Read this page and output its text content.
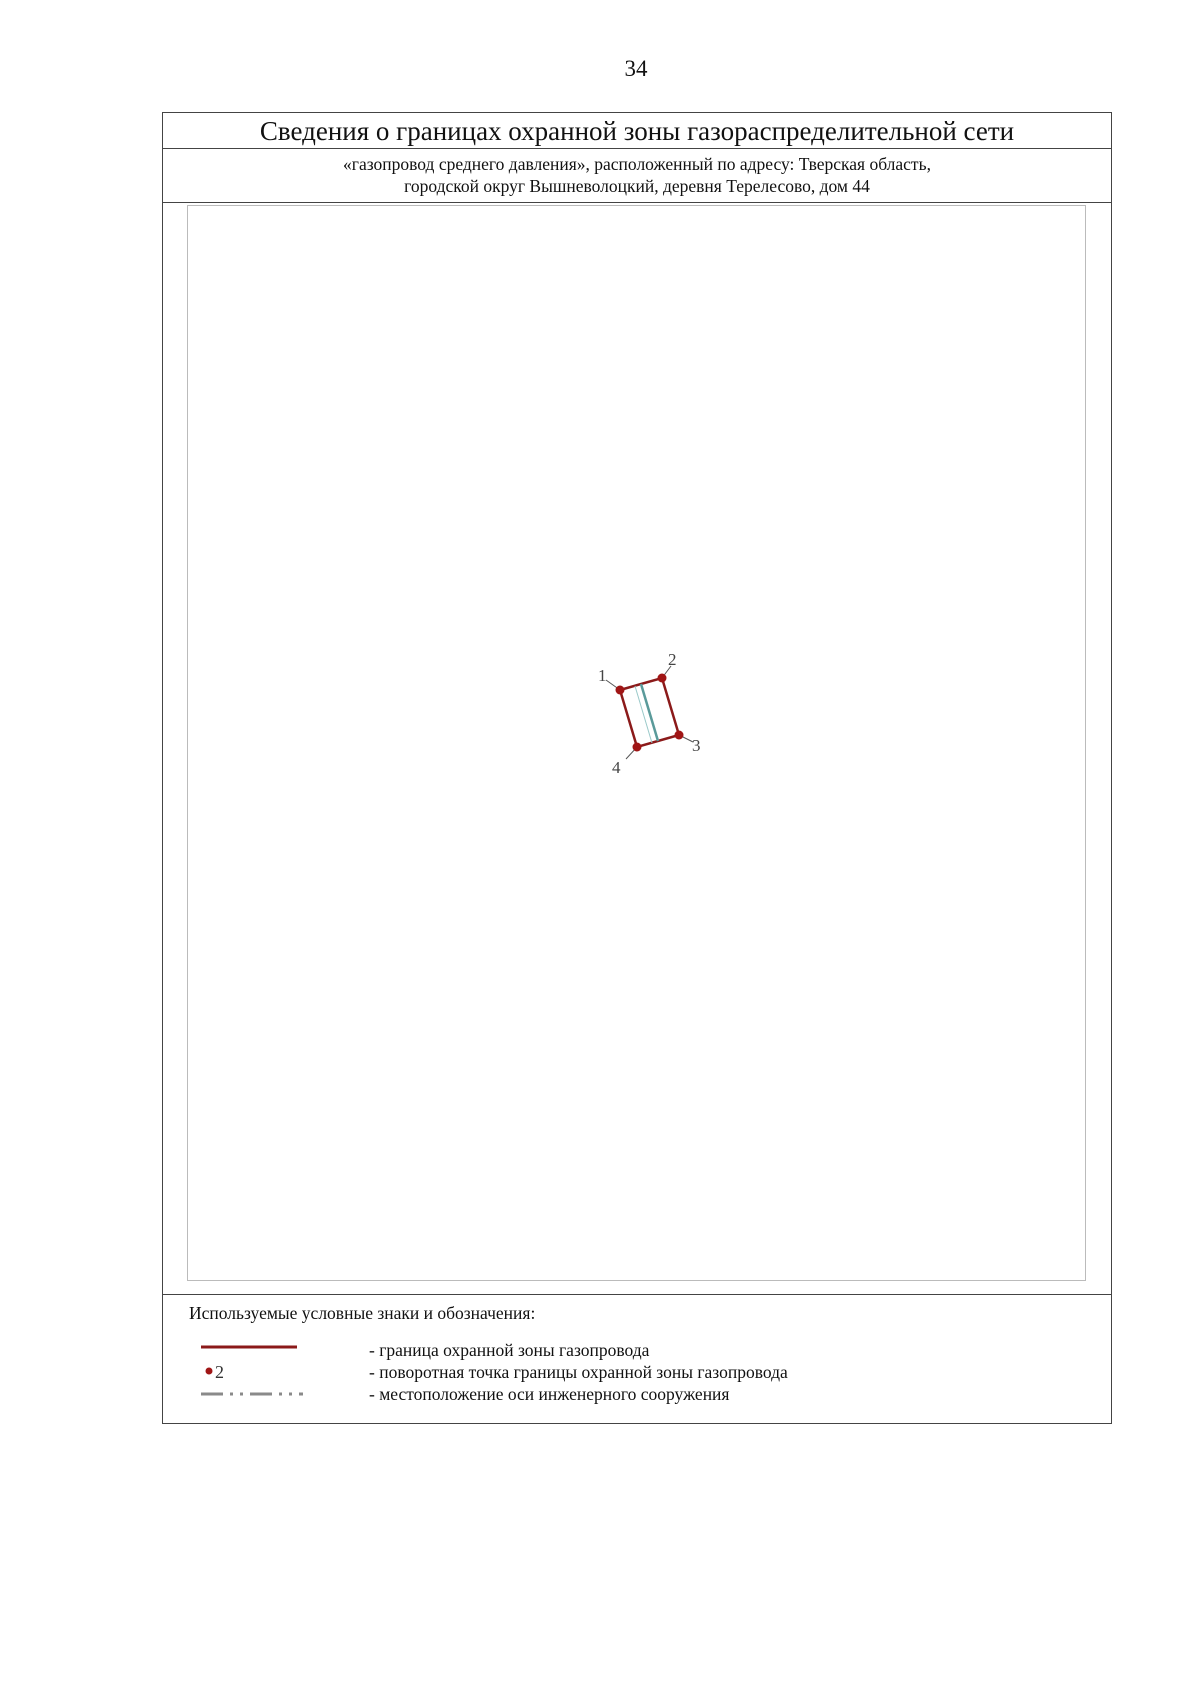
34
Сведения о границах охранной зоны газораспределительной сети
«газопровод среднего давления», расположенный по адресу: Тверская область,
городской округ Вышневолоцкий, деревня Терелесово, дом 44
1
2
3
4
Используемые условные знаки и обозначения:
- граница охранной зоны газопровода
2	- поворотная точка границы охранной зоны газопровода
- местоположение оси инженерного сооружения
